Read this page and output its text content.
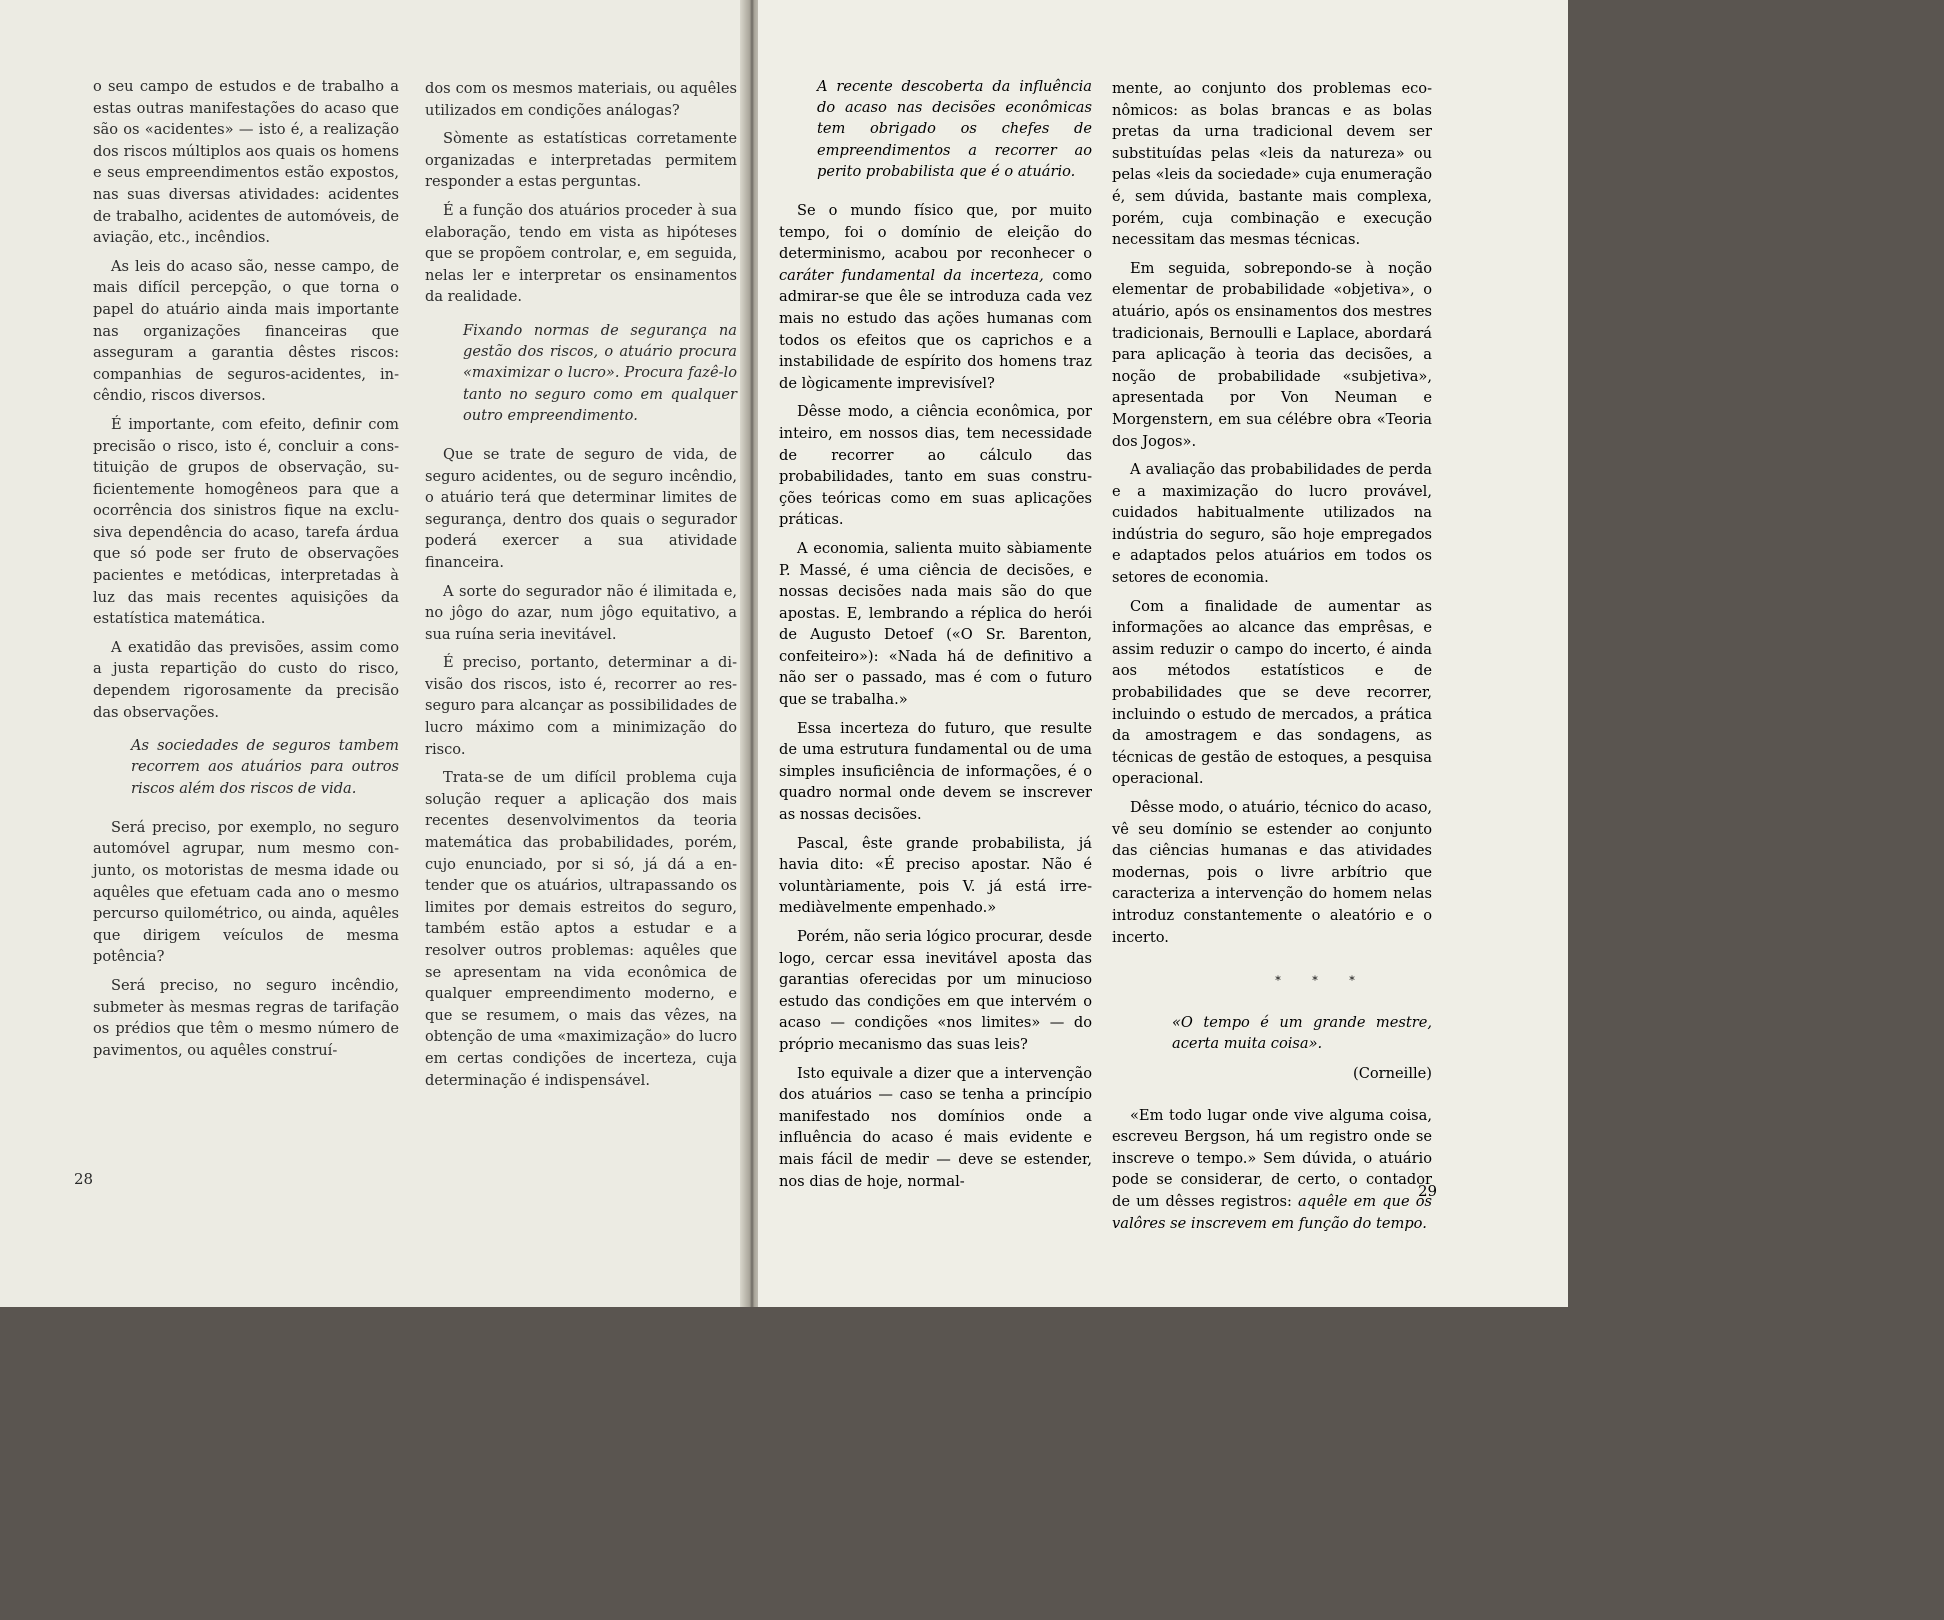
o seu campo de estudos e de trabalho a estas outras manifestações do acaso que são os «acidentes» — isto é, a realização dos riscos múltiplos aos quais os homens e seus empreendimentos estão expostos, nas suas diversas atividades: acidentes de trabalho, acidentes de automóveis, de aviação, etc., incêndios.

As leis do acaso são, nesse campo, de mais difícil percepção, o que torna o papel do atuário ainda mais importante nas organizações financeiras que asseguram a garantia dêstes riscos: companhias de seguros-acidentes, incêndio, riscos diversos.

É importante, com efeito, definir com precisão o risco, isto é, concluir a constituição de grupos de observação, suficientemente homogêneos para que a ocorrência dos sinistros fique na exclusiva dependência do acaso, tarefa árdua que só pode ser fruto de observações pacientes e metódicas, interpretadas à luz das mais recentes aquisições da estatística matemática.

A exatidão das previsões, assim como a justa repartição do custo do risco, dependem rigorosamente da precisão das observações.

As sociedades de seguros tambem recorrem aos atuários para outros riscos além dos riscos de vida.

Será preciso, por exemplo, no seguro automóvel agrupar, num mesmo conjunto, os motoristas de mesma idade ou aquêles que efetuam cada ano o mesmo percurso quilométrico, ou ainda, aquêles que dirigem veículos de mesma potência?

Será preciso, no seguro incêndio, submeter às mesmas regras de tarifação os prédios que têm o mesmo número de pavimentos, ou aquêles construí-

dos com os mesmos materiais, ou aquêles utilizados em condições análogas?

Sòmente as estatísticas corretamente organizadas e interpretadas permitem responder a estas perguntas.

É a função dos atuários proceder à sua elaboração, tendo em vista as hipóteses que se propõem controlar, e, em seguida, nelas ler e interpretar os ensinamentos da realidade.

Fixando normas de segurança na gestão dos riscos, o atuário procura «maximizar o lucro». Procura fazê-lo tanto no seguro como em qualquer outro empreendimento.

Que se trate de seguro de vida, de seguro acidentes, ou de seguro incêndio, o atuário terá que determinar limites de segurança, dentro dos quais o segurador poderá exercer a sua atividade financeira.

A sorte do segurador não é ilimitada e, no jôgo do azar, num jôgo equitativo, a sua ruína seria inevitável.

É preciso, portanto, determinar a divisão dos riscos, isto é, recorrer ao resseguro para alcançar as possibilidades de lucro máximo com a minimização do risco.

Trata-se de um difícil problema cuja solução requer a aplicação dos mais recentes desenvolvimentos da teoria matemática das probabilidades, porém, cujo enunciado, por si só, já dá a entender que os atuários, ultrapassando os limites por demais estreitos do seguro, também estão aptos a estudar e a resolver outros problemas: aquêles que se apresentam na vida econômica de qualquer empreendimento moderno, e que se resumem, o mais das vêzes, na obtenção de uma «maximização» do lucro em certas condições de incerteza, cuja determinação é indispensável.

28

A recente descoberta da influência do acaso nas decisões econômicas tem obrigado os chefes de empreendimentos a recorrer ao perito probabilista que é o atuário.

Se o mundo físico que, por muito tempo, foi o domínio de eleição do determinismo, acabou por reconhecer o caráter fundamental da incerteza, como admirar-se que êle se introduza cada vez mais no estudo das ações humanas com todos os efeitos que os caprichos e a instabilidade de espírito dos homens traz de lògicamente imprevisível?

Dêsse modo, a ciência econômica, por inteiro, em nossos dias, tem necessidade de recorrer ao cálculo das probabilidades, tanto em suas construções teóricas como em suas aplicações práticas.

A economia, salienta muito sàbiamente P. Massé, é uma ciência de decisões, e nossas decisões nada mais são do que apostas. E, lembrando a réplica do herói de Augusto Detoef («O Sr. Barenton, confeiteiro»): «Nada há de definitivo a não ser o passado, mas é com o futuro que se trabalha.»

Essa incerteza do futuro, que resulte de uma estrutura fundamental ou de uma simples insuficiência de informações, é o quadro normal onde devem se inscrever as nossas decisões.

Pascal, êste grande probabilista, já havia dito: «É preciso apostar. Não é voluntàriamente, pois V. já está irremediàvelmente empenhado.»

Porém, não seria lógico procurar, desde logo, cercar essa inevitável aposta das garantias oferecidas por um minucioso estudo das condições em que intervém o acaso — condições «nos limites» — do próprio mecanismo das suas leis?

Isto equivale a dizer que a intervenção dos atuários — caso se tenha a princípio manifestado nos domínios onde a influência do acaso é mais evidente e mais fácil de medir — deve se estender, nos dias de hoje, normal-

mente, ao conjunto dos problemas econômicos: as bolas brancas e as bolas pretas da urna tradicional devem ser substituídas pelas «leis da natureza» ou pelas «leis da sociedade» cuja enumeração é, sem dúvida, bastante mais complexa, porém, cuja combinação e execução necessitam das mesmas técnicas.

Em seguida, sobrepondo-se à noção elementar de probabilidade «objetiva», o atuário, após os ensinamentos dos mestres tradicionais, Bernoulli e Laplace, abordará para aplicação à teoria das decisões, a noção de probabilidade «subjetiva», apresentada por Von Neuman e Morgenstern, em sua célébre obra «Teoria dos Jogos».

A avaliação das probabilidades de perda e a maximização do lucro provável, cuidados habitualmente utilizados na indústria do seguro, são hoje empregados e adaptados pelos atuários em todos os setores de economia.

Com a finalidade de aumentar as informações ao alcance das emprêsas, e assim reduzir o campo do incerto, é ainda aos métodos estatísticos e de probabilidades que se deve recorrer, incluindo o estudo de mercados, a prática da amostragem e das sondagens, as técnicas de gestão de estoques, a pesquisa operacional.

Dêsse modo, o atuário, técnico do acaso, vê seu domínio se estender ao conjunto das ciências humanas e das atividades modernas, pois o livre arbítrio que caracteriza a intervenção do homem nelas introduz constantemente o aleatório e o incerto.

* * *

«O tempo é um grande mestre, acerta muita coisa».

(Corneille)

«Em todo lugar onde vive alguma coisa, escreveu Bergson, há um registro onde se inscreve o tempo.» Sem dúvida, o atuário pode se considerar, de certo, o contador de um dêsses registros: aquêle em que os valôres se inscrevem em função do tempo.

29
